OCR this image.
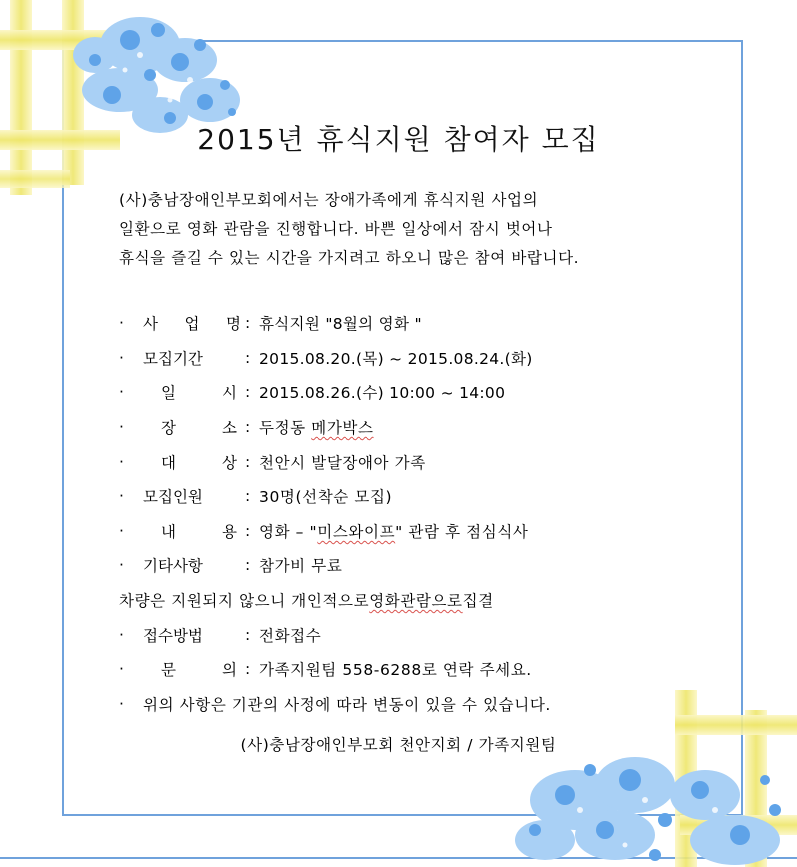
2015년 휴식지원 참여자 모집

(사)충남장애인부모회에서는 장애가족에게 휴식지원 사업의

일환으로 영화 관람을 진행합니다. 바쁜 일상에서 잠시 벗어나

휴식을 즐길 수 있는 시간을 가지려고 하오니 많은 참여 바랍니다.

·	사 업 명 : 휴식지원 "8월의 영화 "
·	모집기간	: 2015.08.20.(목) ~ 2015.08.24.(화)
·	일	시 : 2015.08.26.(수) 10:00 ~ 14:00
·	장	소 : 두정동 메가박스
·	대	상 : 천안시 발달장애아 가족
·	모집인원	: 30명(선착순 모집)
·	내	용 : 영화 – "미스와이프" 관람 후 점심식사
·	기타사항	: 참가비 무료
차량은 지원되지 않으니 개인적으로 영화관람으로 집결
·	접수방법	: 전화접수
·	문	의 : 가족지원팀 558-6288로 연락 주세요.
·	위의 사항은 기관의 사정에 따라 변동이 있을 수 있습니다.
(사)충남장애인부모회 천안지회 / 가족지원팀
